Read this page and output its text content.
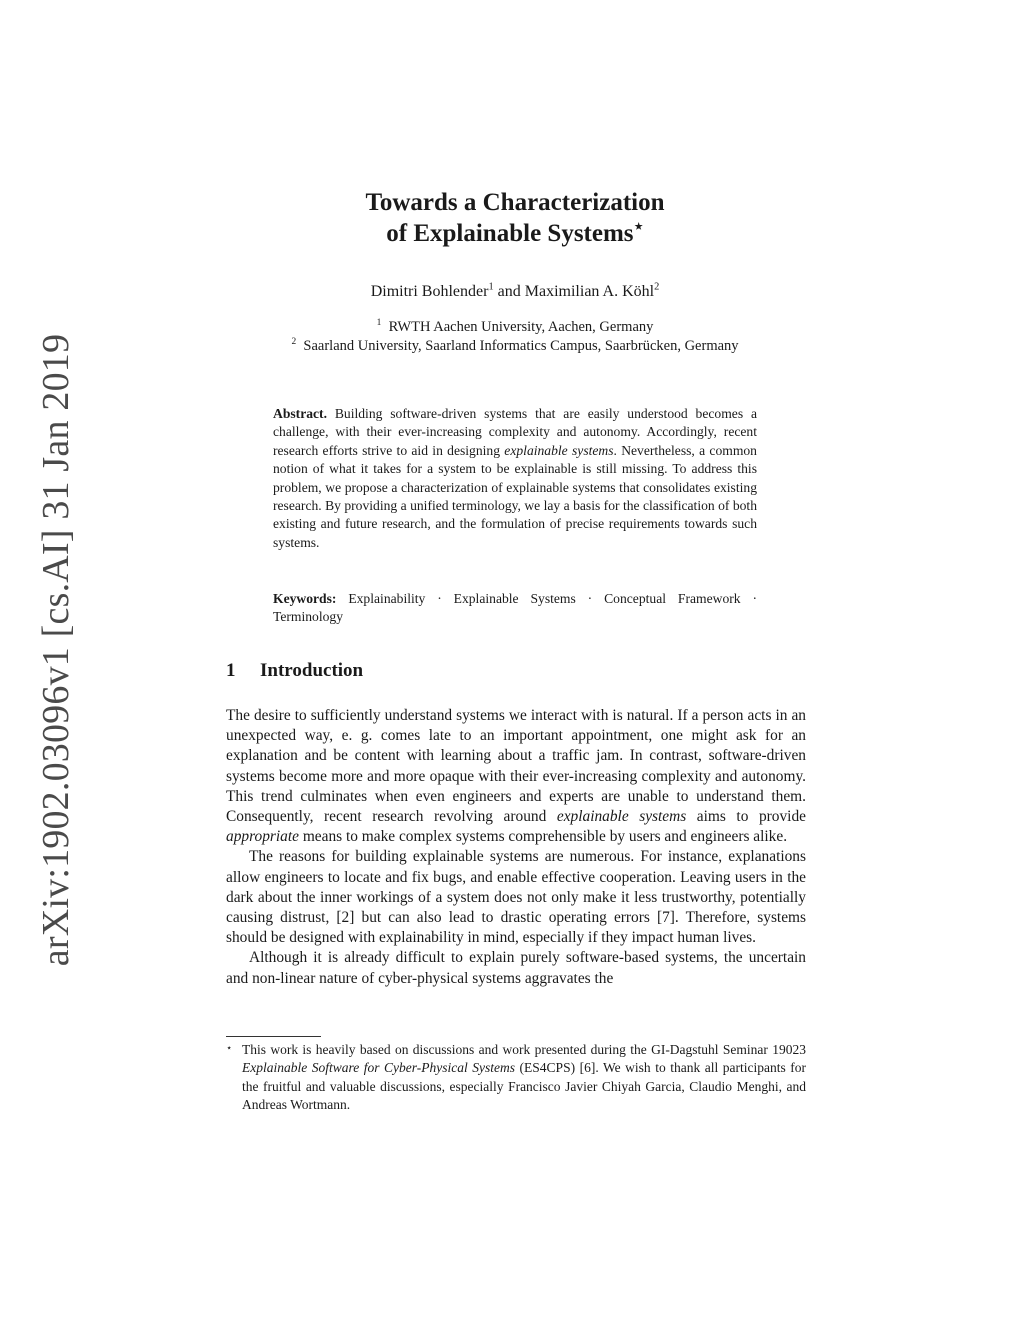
arXiv:1902.03096v1 [cs.AI] 31 Jan 2019
Towards a Characterization
of Explainable Systems⋆
Dimitri Bohlender$^1$ and Maximilian A. Köhl$^2$
$^1$ RWTH Aachen University, Aachen, Germany
$^2$ Saarland University, Saarland Informatics Campus, Saarbrücken, Germany
Abstract. Building software-driven systems that are easily understood becomes a challenge, with their ever-increasing complexity and autonomy. Accordingly, recent research efforts strive to aid in designing explainable systems. Nevertheless, a common notion of what it takes for a system to be explainable is still missing. To address this problem, we propose a characterization of explainable systems that consolidates existing research. By providing a unified terminology, we lay a basis for the classification of both existing and future research, and the formulation of precise requirements towards such systems.
Keywords: Explainability · Explainable Systems · Conceptual Framework · Terminology
1 Introduction

The desire to sufficiently understand systems we interact with is natural. If a person acts in an unexpected way, e. g. comes late to an important appointment, one might ask for an explanation and be content with learning about a traffic jam. In contrast, software-driven systems become more and more opaque with their ever-increasing complexity and autonomy. This trend culminates when even engineers and experts are unable to understand them. Consequently, recent research revolving around explainable systems aims to provide appropriate means to make complex systems comprehensible by users and engineers alike.

The reasons for building explainable systems are numerous. For instance, explanations allow engineers to locate and fix bugs, and enable effective cooperation. Leaving users in the dark about the inner workings of a system does not only make it less trustworthy, potentially causing distrust, [2] but can also lead to drastic operating errors [7]. Therefore, systems should be designed with explainability in mind, especially if they impact human lives.

Although it is already difficult to explain purely software-based systems, the uncertain and non-linear nature of cyber-physical systems aggravates the

⋆ This work is heavily based on discussions and work presented during the GI-Dagstuhl Seminar 19023 Explainable Software for Cyber-Physical Systems (ES4CPS) [6]. We wish to thank all participants for the fruitful and valuable discussions, especially Francisco Javier Chiyah Garcia, Claudio Menghi, and Andreas Wortmann.
